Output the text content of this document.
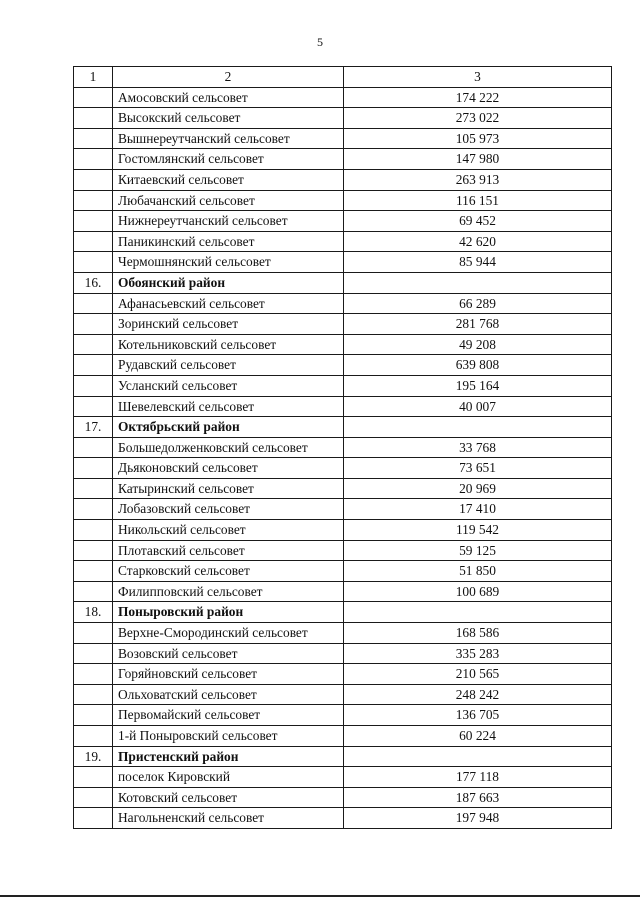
5
1	2	3
	Амосовский сельсовет	174 222
	Высокский сельсовет	273 022
	Вышнереутчанский сельсовет	105 973
	Гостомлянский сельсовет	147 980
	Китаевский сельсовет	263 913
	Любачанский сельсовет	116 151
	Нижнереутчанский сельсовет	69 452
	Паникинский сельсовет	42 620
	Чермошнянский сельсовет	85 944
16.	Обоянский район	
	Афанасьевский сельсовет	66 289
	Зоринский сельсовет	281 768
	Котельниковский сельсовет	49 208
	Рудавский сельсовет	639 808
	Усланский сельсовет	195 164
	Шевелевский сельсовет	40 007
17.	Октябрьский район	
	Большедолженковский сельсовет	33 768
	Дьяконовский сельсовет	73 651
	Катыринский сельсовет	20 969
	Лобазовский сельсовет	17 410
	Никольский сельсовет	119 542
	Плотавский сельсовет	59 125
	Старковский сельсовет	51 850
	Филипповский сельсовет	100 689
18.	Поныровский район	
	Верхне-Смородинский сельсовет	168 586
	Возовский сельсовет	335 283
	Горяйновский сельсовет	210 565
	Ольховатский сельсовет	248 242
	Первомайский сельсовет	136 705
	1-й Поныровский сельсовет	60 224
19.	Пристенский район	
	поселок Кировский	177 118
	Котовский сельсовет	187 663
	Нагольненский сельсовет	197 948
